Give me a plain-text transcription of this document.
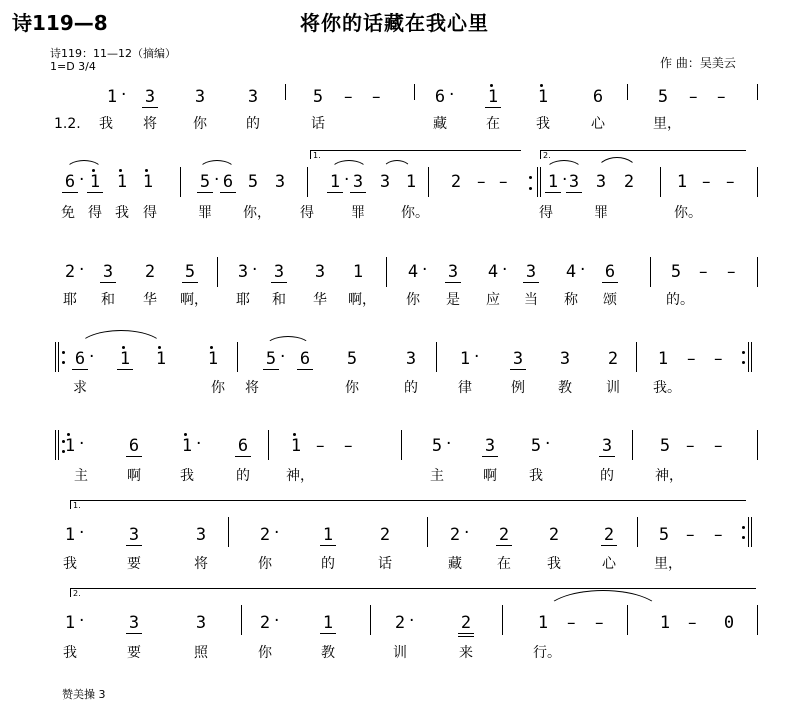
诗119—8	将你的话藏在我心里
诗119：11—12（摘编）
1=D 3/4	作 曲：吴美云
1 · 3 3	3	5 – –	6 · 1 1	6	5 – –
1.2. 我 将	你	的	话	藏	在	我	心	里，
6 · 1 1 1	5 · 6 5 3	1 · 3 3 1 2 – – 1 · 3 3 2	1 – –
免 得 我 得	罪 你， 得	罪	你。	得	罪	你。
1.	2.
2 · 3 2 5	3 · 3 3 1	4 · 3 4 · 3 4 · 6	5 – –
耶 和 华 啊， 耶 和 华 啊， 你 是 应 当 称 颂	的。
6 · 1 1 1	5 · 6 5	3	1 · 3 3 2 1 – –
求	你 将	你	的	律	例 教 训 我。
1 ·	6	1 · 6	1 – –	5 · 3 5 ·	3	5 – –
主	啊	我	的	神，	主	啊 我	的	神，
1 ·	3	3	2 ·	1	2	2 · 2 2	2	5 – –
我	要	将	你	的	话	藏	在	我	心	里，
1.
1 ·	3	3	2 ·	1	2 ·	2	1 – –	1 – 0
我	要	照	你	教	训	来	行。
2.
赞美操 3
